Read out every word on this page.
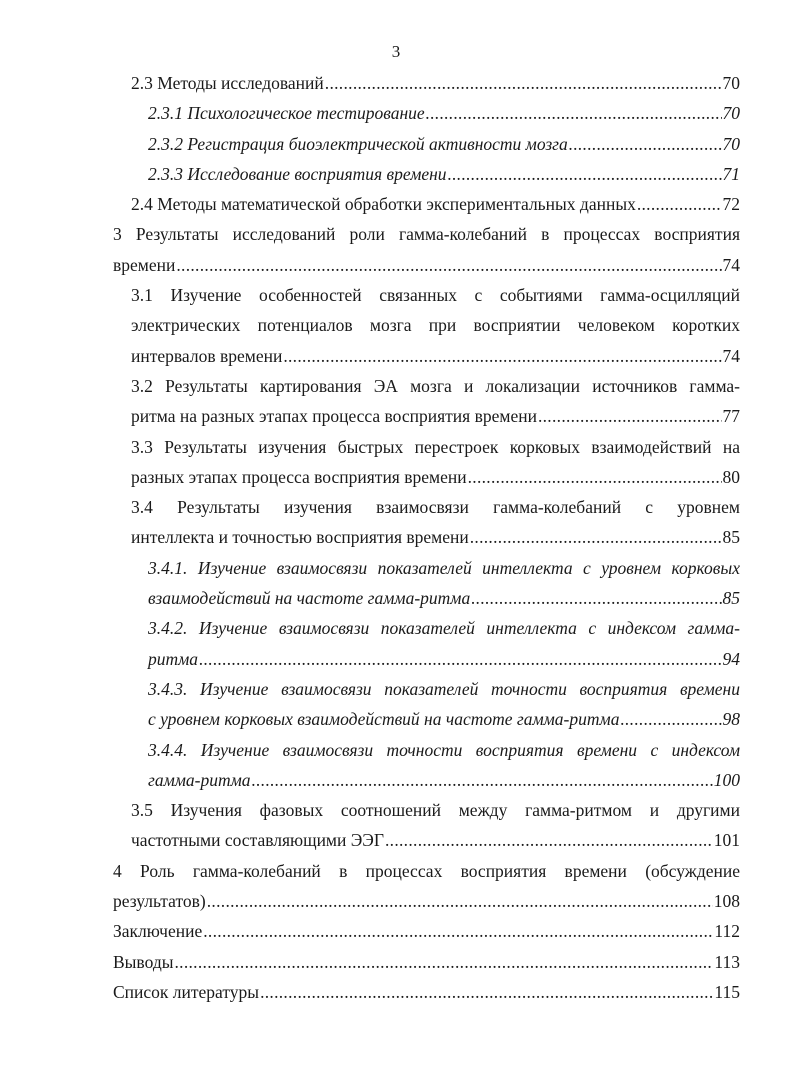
3
2.3 Методы исследований .....	70
2.3.1 Психологическое тестирование .....	70
2.3.2 Регистрация биоэлектрической активности мозга .....	70
2.3.3 Исследование восприятия времени .....	71
2.4 Методы математической обработки экспериментальных данных .....	72
3 Результаты исследований роли гамма-колебаний в процессах восприятия
времени .....	74
3.1 Изучение особенностей связанных с событиями гамма-осцилляций
электрических потенциалов мозга при восприятии человеком коротких
интервалов времени .....	74
3.2 Результаты картирования ЭА мозга и локализации источников гамма-
ритма на разных этапах процесса восприятия времени .....	77
3.3 Результаты изучения быстрых перестроек корковых взаимодействий на
разных этапах процесса восприятия времени .....	80
3.4 Результаты изучения взаимосвязи гамма-колебаний с уровнем
интеллекта и точностью восприятия времени .....	85
3.4.1. Изучение взаимосвязи показателей интеллекта с уровнем корковых
взаимодействий на частоте гамма-ритма .....	85
3.4.2. Изучение взаимосвязи показателей интеллекта с индексом гамма-
ритма .....	94
3.4.3. Изучение взаимосвязи показателей точности восприятия времени
с уровнем корковых взаимодействий на частоте гамма-ритма .....	98
3.4.4. Изучение взаимосвязи точности восприятия времени с индексом
гамма-ритма .....	100
3.5 Изучения фазовых соотношений между гамма-ритмом и другими
частотными составляющими ЭЭГ .....	101
4 Роль гамма-колебаний в процессах восприятия времени (обсуждение
результатов) .....	108
Заключение .....	112
Выводы .....	113
Список литературы .....	115
